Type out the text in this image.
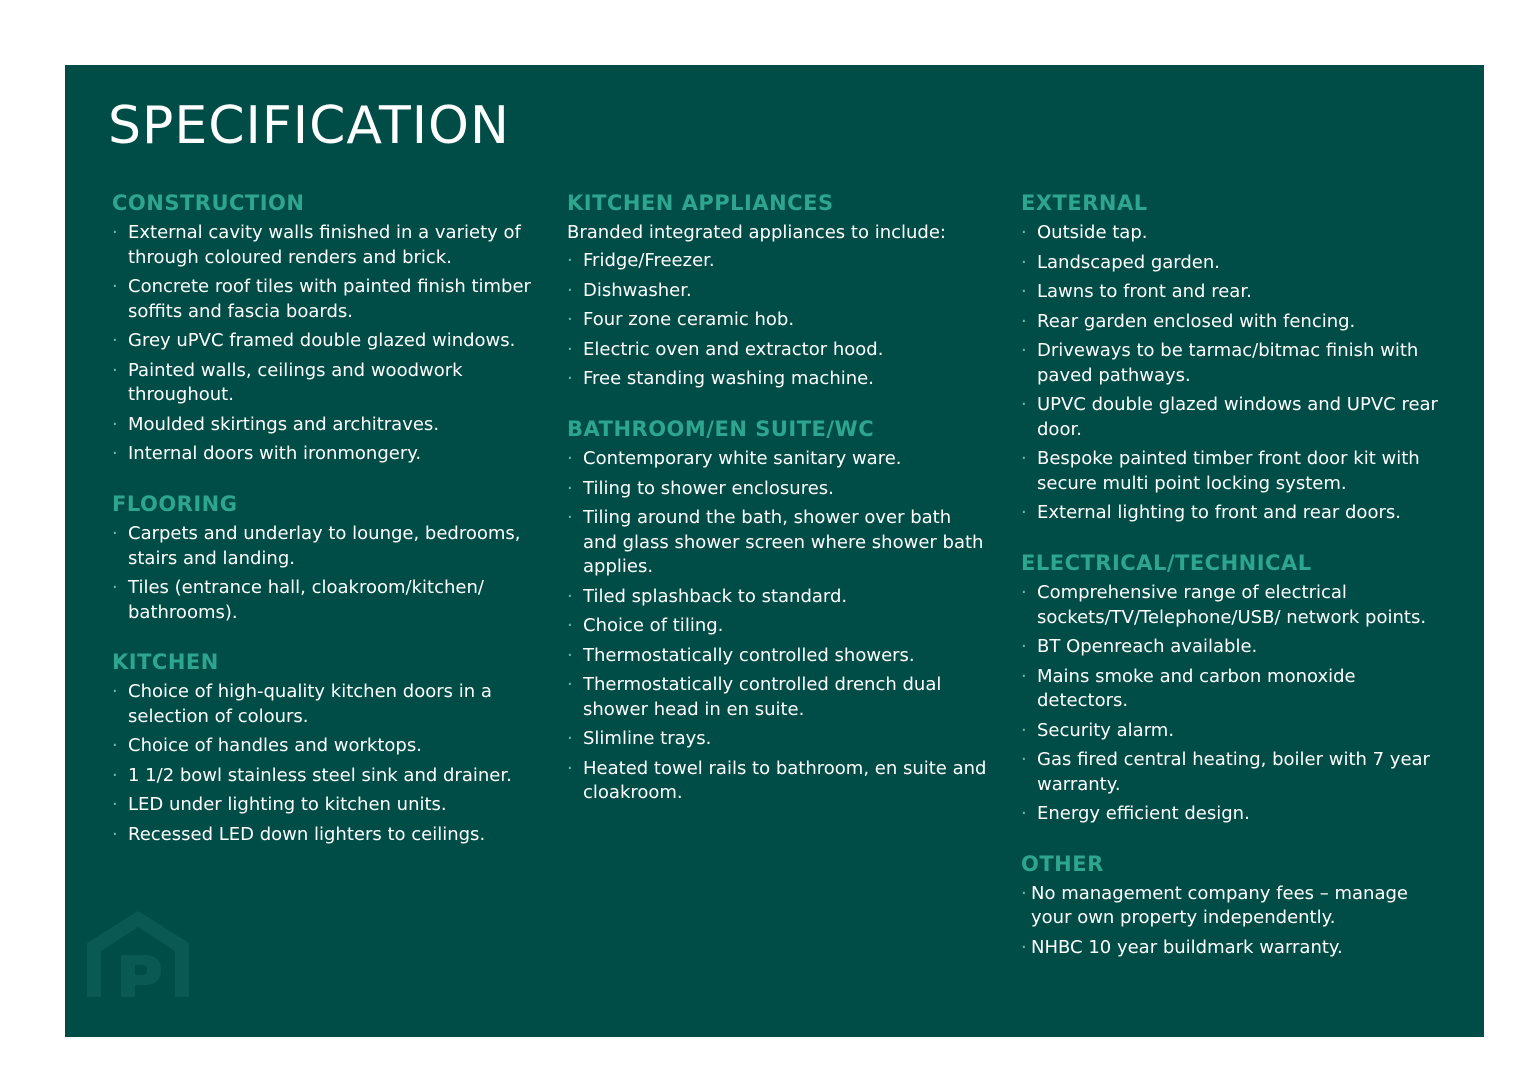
SPECIFICATION
CONSTRUCTION
· External cavity walls finished in a variety of through coloured renders and brick.
· Concrete roof tiles with painted finish timber soffits and fascia boards.
· Grey uPVC framed double glazed windows.
· Painted walls, ceilings and woodwork throughout.
· Moulded skirtings and architraves.
· Internal doors with ironmongery.
FLOORING
· Carpets and underlay to lounge, bedrooms, stairs and landing.
· Tiles (entrance hall, cloakroom/kitchen/ bathrooms).
KITCHEN
· Choice of high-quality kitchen doors in a selection of colours.
· Choice of handles and worktops.
· 1 1/2 bowl stainless steel sink and drainer.
· LED under lighting to kitchen units.
· Recessed LED down lighters to ceilings.
KITCHEN APPLIANCES

Branded integrated appliances to include:

· Fridge/Freezer.
· Dishwasher.
· Four zone ceramic hob.
· Electric oven and extractor hood.
· Free standing washing machine.
BATHROOM/EN SUITE/WC
· Contemporary white sanitary ware.
· Tiling to shower enclosures.
· Tiling around the bath, shower over bath and glass shower screen where shower bath applies.
· Tiled splashback to standard.
· Choice of tiling.
· Thermostatically controlled showers.
· Thermostatically controlled drench dual shower head in en suite.
· Slimline trays.
· Heated towel rails to bathroom, en suite and cloakroom.
EXTERNAL
· Outside tap.
· Landscaped garden.
· Lawns to front and rear.
· Rear garden enclosed with fencing.
· Driveways to be tarmac/bitmac finish with paved pathways.
· UPVC double glazed windows and UPVC rear door.
· Bespoke painted timber front door kit with secure multi point locking system.
· External lighting to front and rear doors.
ELECTRICAL/TECHNICAL
· Comprehensive range of electrical sockets/TV/Telephone/USB/ network points.
· BT Openreach available.
· Mains smoke and carbon monoxide detectors.
· Security alarm.
· Gas fired central heating, boiler with 7 year warranty.
· Energy efficient design.
OTHER
· No management company fees – manage your own property independently.
· NHBC 10 year buildmark warranty.
